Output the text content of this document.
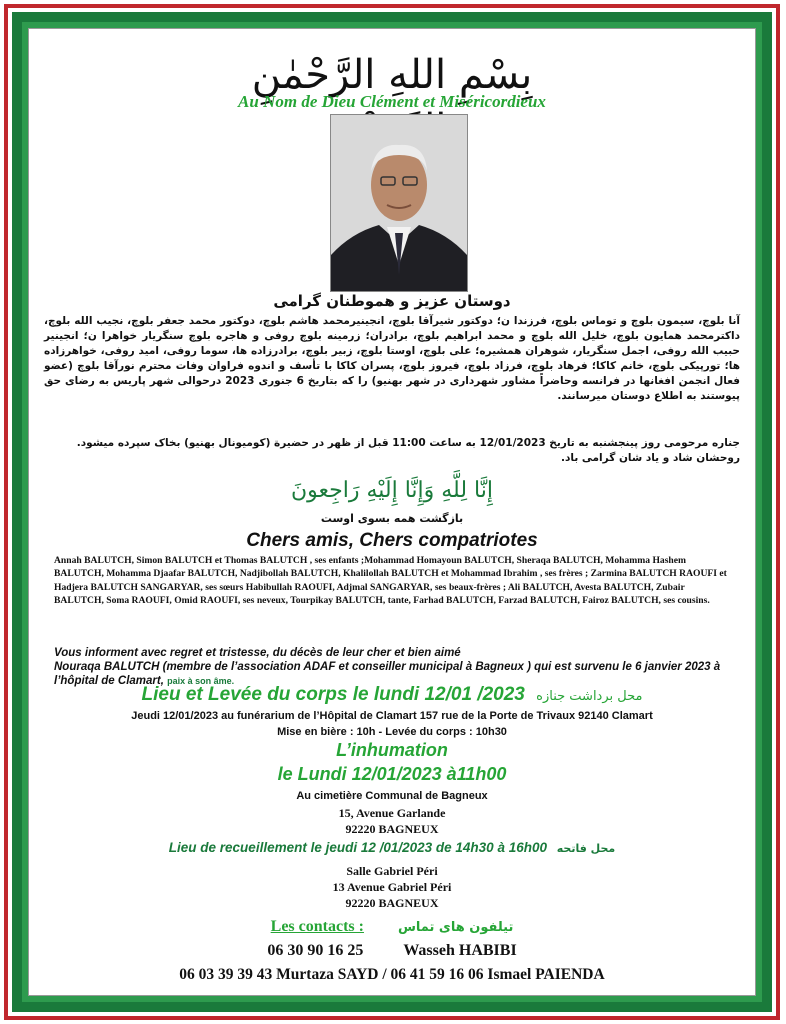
بِسْمِ اللهِ الرَّحْمٰنِ
Au Nom de Dieu Clément et Miséricordieux
دوستان عزیز و هموطنان گرامی
آنا بلوچ، سیمون بلوچ و توماس بلوچ، فرزندا ن؛ دوکتور شیرآقا بلوچ، انجینیرمحمد هاشم بلوچ، دوکتور محمد جعفر بلوچ، نجیب الله بلوچ، داکترمحمد همایون بلوچ، خلیل الله بلوچ و محمد ابراهیم بلوچ، برادران؛ زرمینه بلوچ روفی و هاجره بلوچ سنگریار خواهرا ن؛ انجینیر حبیب الله روفی، اجمل سنگریار، شوهران همشیره؛ علی بلوچ، اوستا بلوچ، زبیر بلوچ، برادرزاده ها، سوما روفی، امید روفی، خواهرزاده ها؛ تورپیکی بلوچ، خانم کاکا؛ فرهاد بلوچ، فرزاد بلوچ، فیروز بلوچ، پسران کاکا با تأسف و اندوه فراوان وفات محترم نورآقا بلوچ (عضو فعال انجمن افغانها در فرانسه وحاضراً مشاور شهرداری در شهر بهنیو) را که بتاریخ 6 جنوری 2023 درحوالی شهر پاریس به رضای حق پیوستند به اطلاع دوستان میرسانند.
جناره مرحومی روز پینجشنبه به تاریخ 12/01/2023 به ساعت 11:00 قبل از ظهر در حضیرة (کومیونال بهنیو) بخاک سپرده میشود. روحشان شاد و یاد شان گرامی باد.
إِنَّا لِلَّهِ وَإِنَّا إِلَيْهِ رَاجِعونَ
بازگشت همه بسوی اوست
Chers amis, Chers compatriotes
Annah BALUTCH, Simon BALUTCH et Thomas BALUTCH , ses enfants ;Mohammad Homayoun BALUTCH, Sheraqa BALUTCH, Mohamma Hashem BALUTCH, Mohamma Djaafar BALUTCH, Nadjibollah BALUTCH, Khalilollah BALUTCH et Mohammad Ibrahim , ses frères ; Zarmina BALUTCH RAOUFI et Hadjera BALUTCH SANGARYAR, ses sœurs Habibullah RAOUFI, Adjmal SANGARYAR, ses beaux-frères ; Ali BALUTCH, Avesta BALUTCH, Zubair BALUTCH, Soma RAOUFI, Omid RAOUFI, ses neveux, Tourpikay BALUTCH, tante, Farhad BALUTCH, Farzad BALUTCH, Fairoz BALUTCH, ses cousins.
Vous informent avec regret et tristesse, du décès de leur cher et bien aimé
Nouraqa BALUTCH (membre de l’association ADAF et conseiller municipal à Bagneux ) qui est survenu le 6 janvier 2023 à l’hôpital de Clamart, paix à son âme.
Lieu et Levée du corps le lundi 12/01 /2023 محل برداشت جنازه
Jeudi 12/01/2023 au funérarium de l’Hôpital de Clamart 157 rue de la Porte de Trivaux 92140 Clamart
Mise en bière : 10h - Levée du corps : 10h30
L’inhumation
le Lundi 12/01/2023 à11h00
Au cimetière Communal de Bagneux
15, Avenue Garlande
92220 BAGNEUX
Lieu de recueillement le jeudi 12 /01/2023 de 14h30 à 16h00 محل فاتحه
Salle Gabriel Péri
13 Avenue Gabriel Péri
92220 BAGNEUX
Les contacts :	تیلفون های تماس
06 30 90 16 25	Wasseh HABIBI
06 03 39 39 43 Murtaza SAYD / 06 41 59 16 06 Ismael PAIENDA
